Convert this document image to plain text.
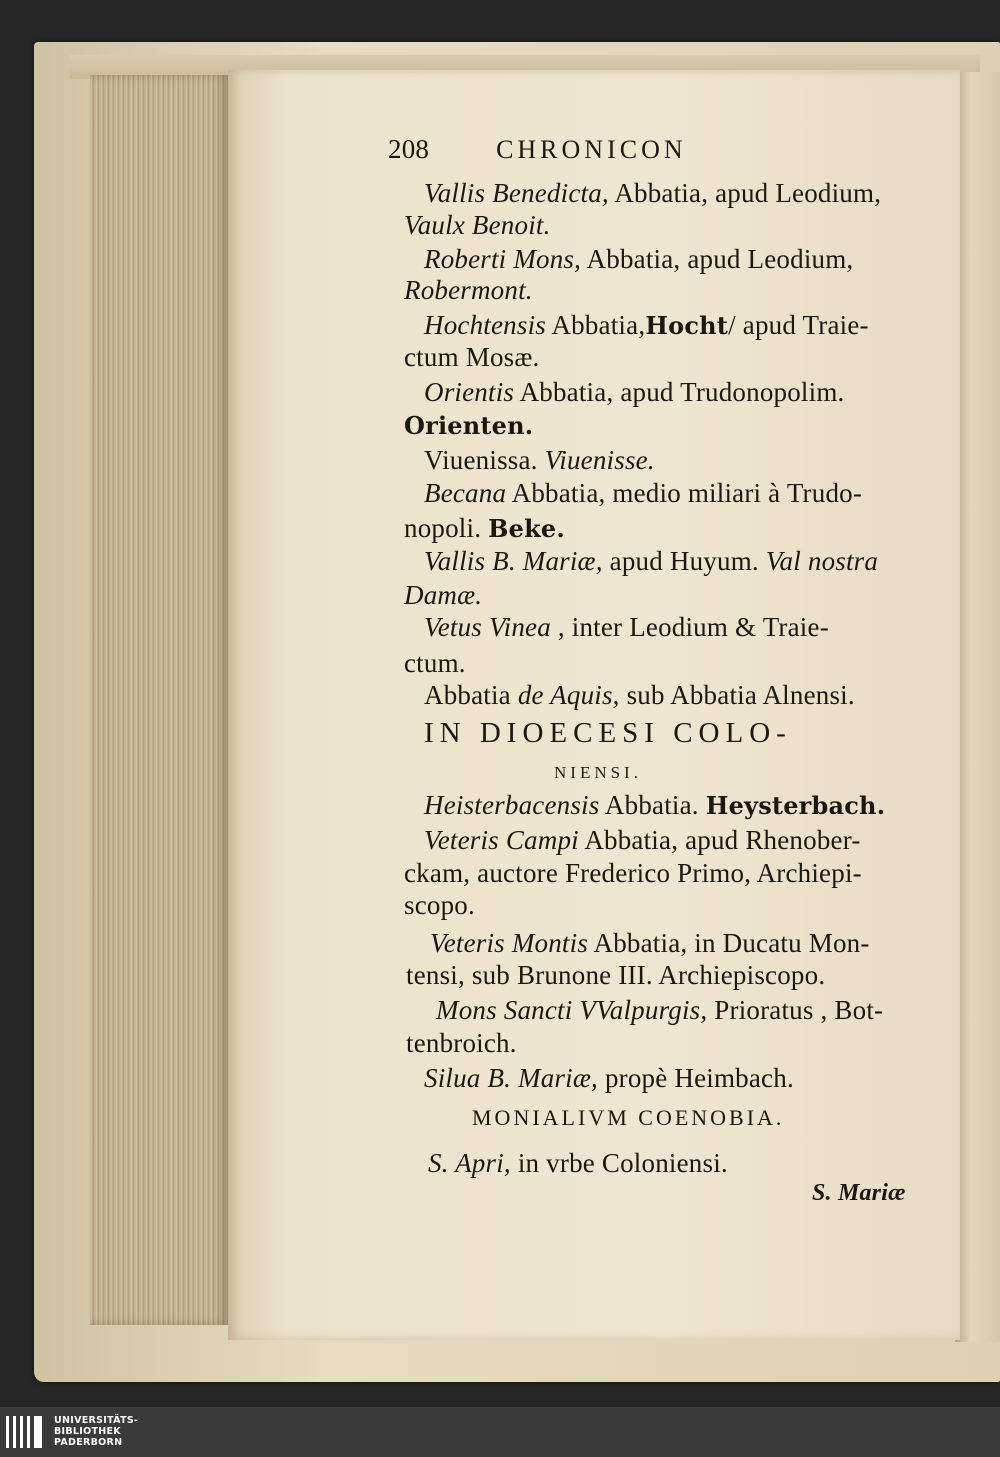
208	CHRONICON
Vallis Benedicta, Abbatia, apud Leodium,
Vaulx Benoit.
Roberti Mons, Abbatia, apud Leodium,
Robermont.
Hochtensis Abbatia,Hocht/ apud Traie-
ctum Mosæ.
Orientis Abbatia, apud Trudonopolim.
Orienten.
Viuenissa. Viuenisse.
Becana Abbatia, medio miliari à Trudo-
nopoli. Beke.
Vallis B. Mariæ, apud Huyum. Val nostra
Damæ.
Vetus Vinea , inter Leodium & Traie-
ctum.
Abbatia de Aquis, sub Abbatia Alnensi.
IN DIOECESI COLO-
NIENSI.
Heisterbacensis Abbatia. Heysterbach.
Veteris Campi Abbatia, apud Rhenober-
ckam, auctore Frederico Primo, Archiepi-
scopo.
Veteris Montis Abbatia, in Ducatu Mon-
tensi, sub Brunone III. Archiepiscopo.
Mons Sancti VValpurgis, Prioratus , Bot-
tenbroich.
Silua B. Mariæ, propè Heimbach.
MONIALIVM COENOBIA.
S. Apri, in vrbe Coloniensi.
S. Mariæ
UNIVERSITÄTS-
BIBLIOTHEK
PADERBORN
